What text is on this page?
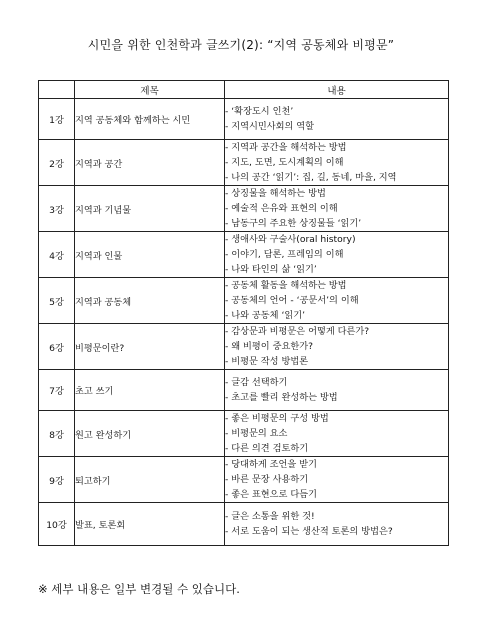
시민을 위한 인천학과 글쓰기(2): “지역 공동체와 비평문”
	제목	내용
1강	지역 공동체와 함께하는 시민	- ‘확장도시 인천’
- 지역시민사회의 역할

2강	지역과 공간	- 지역과 공간을 해석하는 방법
- 지도, 도면, 도시계획의 이해
- 나의 공간 ‘읽기’: 집, 길, 동네, 마을, 지역

3강	지역과 기념물	- 상징물을 해석하는 방법
- 예술적 은유와 표현의 이해
- 남동구의 주요한 상징물들 ‘읽기’

4강	지역과 인물	- 생애사와 구술사(oral history)
- 이야기, 담론, 프레임의 이해
- 나와 타인의 삶 ‘읽기’

5강	지역과 공동체	- 공동체 활동을 해석하는 방법
- 공동체의 언어 - ‘공문서’의 이해
- 나와 공동체 ‘읽기’

6강	비평문이란?	- 감상문과 비평문은 어떻게 다른가?
- 왜 비평이 중요한가?
- 비평문 작성 방법론

7강	초고 쓰기	- 글감 선택하기
- 초고를 빨리 완성하는 방법

8강	원고 완성하기	- 좋은 비평문의 구성 방법
- 비평문의 요소
- 다른 의견 검토하기

9강	퇴고하기	- 당대하게 조언을 받기
- 바른 문장 사용하기
- 좋은 표현으로 다듬기

10강	발표, 토론회	- 글은 소통을 위한 것!
- 서로 도움이 되는 생산적 토론의 방법은?
※ 세부 내용은 일부 변경될 수 있습니다.
